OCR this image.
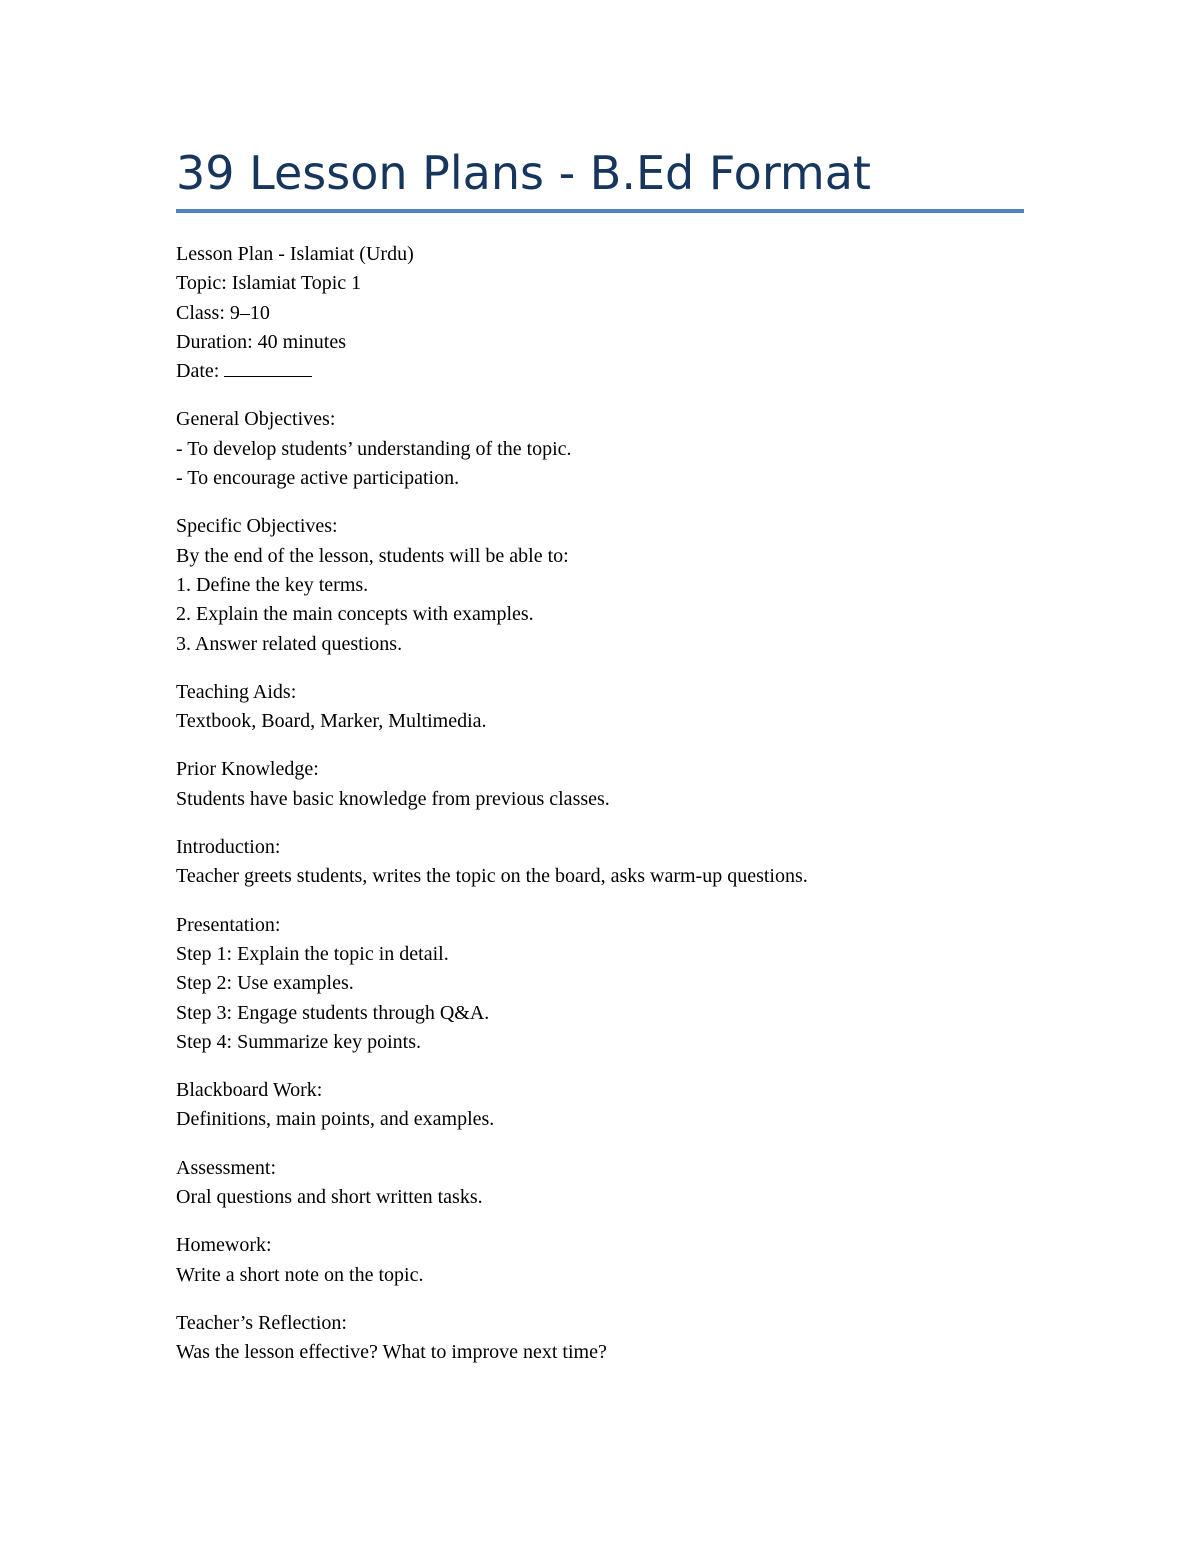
39 Lesson Plans - B.Ed Format
Lesson Plan - Islamiat (Urdu)
Topic: Islamiat Topic 1
Class: 9–10
Duration: 40 minutes
Date:
General Objectives:
- To develop students’ understanding of the topic.
- To encourage active participation.
Specific Objectives:
By the end of the lesson, students will be able to:
1. Define the key terms.
2. Explain the main concepts with examples.
3. Answer related questions.
Teaching Aids:
Textbook, Board, Marker, Multimedia.
Prior Knowledge:
Students have basic knowledge from previous classes.
Introduction:
Teacher greets students, writes the topic on the board, asks warm-up questions.
Presentation:
Step 1: Explain the topic in detail.
Step 2: Use examples.
Step 3: Engage students through Q&A.
Step 4: Summarize key points.
Blackboard Work:
Definitions, main points, and examples.
Assessment:
Oral questions and short written tasks.
Homework:
Write a short note on the topic.
Teacher’s Reflection:
Was the lesson effective? What to improve next time?
